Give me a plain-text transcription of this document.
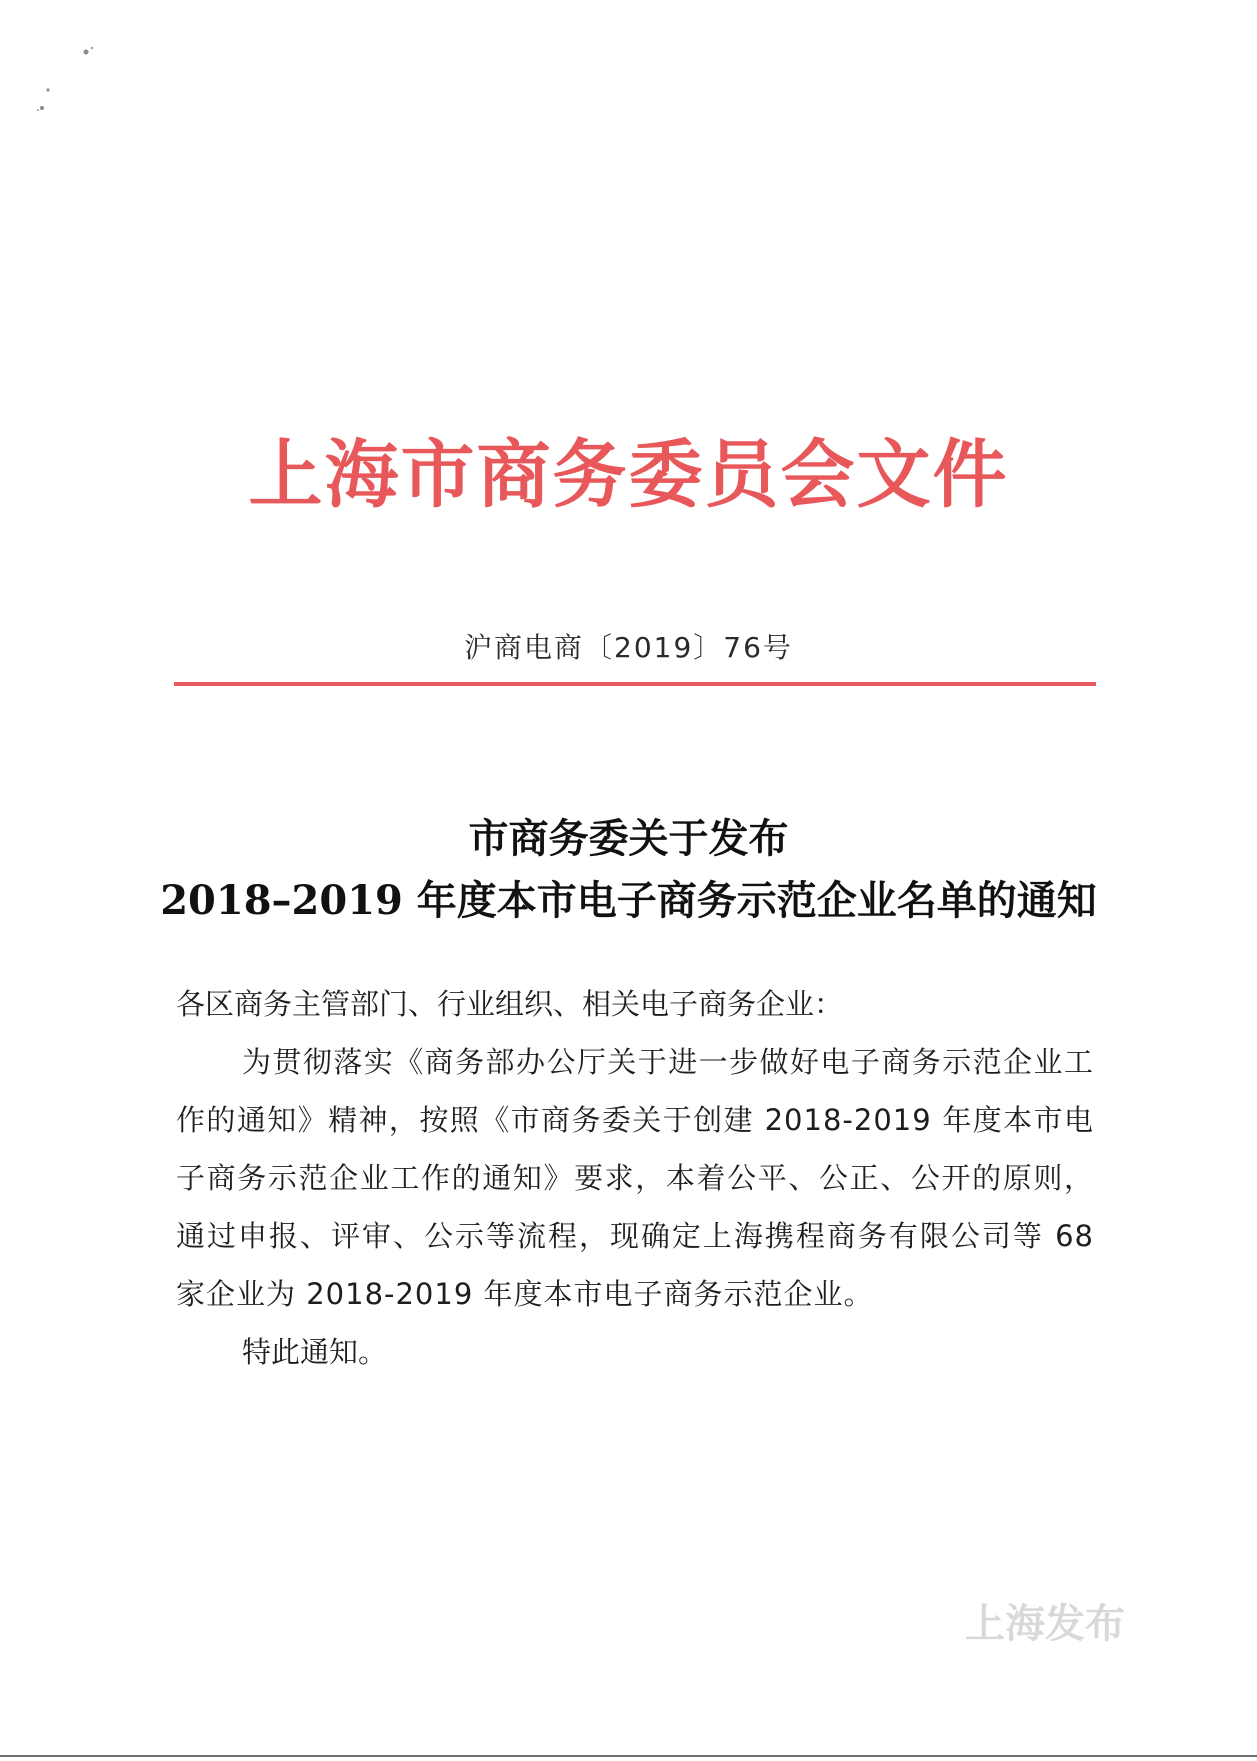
上海市商务委员会文件
沪商电商〔2019〕76号
市商务委关于发布
2018–2019 年度本市电子商务示范企业名单的通知

各区商务主管部门、行业组织、相关电子商务企业：

为贯彻落实《商务部办公厅关于进一步做好电子商务示范企业工作的通知》精神，按照《市商务委关于创建 2018-2019 年度本市电子商务示范企业工作的通知》要求，本着公平、公正、公开的原则，通过申报、评审、公示等流程，现确定上海携程商务有限公司等 68 家企业为 2018-2019 年度本市电子商务示范企业。

特此通知。

上海发布
